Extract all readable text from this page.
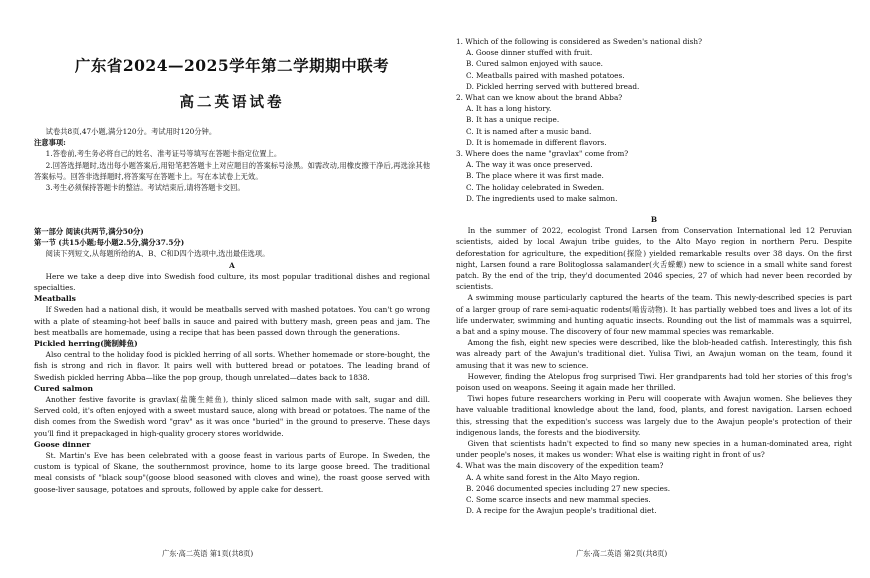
广东省2024—2025学年第二学期期中联考
高二英语试卷

试卷共8页,47小题,满分120分。考试用时120分钟。

注意事项:

1.答卷前,考生务必将自己的姓名、准考证号等填写在答题卡指定位置上。

2.回答选择题时,选出每小题答案后,用铅笔把答题卡上对应题目的答案标号涂黑。如需改动,用橡皮擦干净后,再选涂其他答案标号。回答非选择题时,将答案写在答题卡上。写在本试卷上无效。

3.考生必须保持答题卡的整洁。考试结束后,请将答题卡交回。

第一部分 阅读(共两节,满分50分)

第一节 (共15小题;每小题2.5分,满分37.5分)

阅读下列短文,从每题所给的A、B、C和D四个选项中,选出最佳选项。

A

Here we take a deep dive into Swedish food culture, its most popular traditional dishes and regional specialties.

Meatballs

If Sweden had a national dish, it would be meatballs served with mashed potatoes. You can't go wrong with a plate of steaming-hot beef balls in sauce and paired with buttery mash, green peas and jam. The best meatballs are homemade, using a recipe that has been passed down through the generations.

Pickled herring(腌制鲱鱼)

Also central to the holiday food is pickled herring of all sorts. Whether homemade or store-bought, the fish is strong and rich in flavor. It pairs well with buttered bread or potatoes. The leading brand of Swedish pickled herring Abba—like the pop group, though unrelated—dates back to 1838.

Cured salmon

Another festive favorite is gravlax(盐腌生鲑鱼), thinly sliced salmon made with salt, sugar and dill. Served cold, it's often enjoyed with a sweet mustard sauce, along with bread or potatoes. The name of the dish comes from the Swedish word "grav" as it was once "buried" in the ground to preserve. These days you'll find it prepackaged in high-quality grocery stores worldwide.

Goose dinner

St. Martin's Eve has been celebrated with a goose feast in various parts of Europe. In Sweden, the custom is typical of Skane, the southernmost province, home to its large goose breed. The traditional meal consists of "black soup"(goose blood seasoned with cloves and wine), the roast goose served with goose-liver sausage, potatoes and sprouts, followed by apple cake for dessert.

广东·高二英语 第1页(共8页)

1. Which of the following is considered as Sweden's national dish?

A. Goose dinner stuffed with fruit.

B. Cured salmon enjoyed with sauce.

C. Meatballs paired with mashed potatoes.

D. Pickled herring served with buttered bread.

2. What can we know about the brand Abba?

A. It has a long history.

B. It has a unique recipe.

C. It is named after a music band.

D. It is homemade in different flavors.

3. Where does the name "gravlax" come from?

A. The way it was once preserved.

B. The place where it was first made.

C. The holiday celebrated in Sweden.

D. The ingredients used to make salmon.

B

In the summer of 2022, ecologist Trond Larsen from Conservation International led 12 Peruvian scientists, aided by local Awajun tribe guides, to the Alto Mayo region in northern Peru. Despite deforestation for agriculture, the expedition(探险) yielded remarkable results over 38 days. On the first night, Larsen found a rare Bolitoglossa salamander(火舌蝾螈) new to science in a small white sand forest patch. By the end of the trip, they'd documented 2046 species, 27 of which had never been recorded by scientists.

A swimming mouse particularly captured the hearts of the team. This newly-described species is part of a larger group of rare semi-aquatic rodents(啮齿动物). It has partially webbed toes and lives a lot of its life underwater, swimming and hunting aquatic insects. Rounding out the list of mammals was a squirrel, a bat and a spiny mouse. The discovery of four new mammal species was remarkable.

Among the fish, eight new species were described, like the blob-headed catfish. Interestingly, this fish was already part of the Awajun's traditional diet. Yulisa Tiwi, an Awajun woman on the team, found it amusing that it was new to science.

However, finding the Atelopus frog surprised Tiwi. Her grandparents had told her stories of this frog's poison used on weapons. Seeing it again made her thrilled.

Tiwi hopes future researchers working in Peru will cooperate with Awajun women. She believes they have valuable traditional knowledge about the land, food, plants, and forest navigation. Larsen echoed this, stressing that the expedition's success was largely due to the Awajun people's protection of their indigenous lands, the forests and the biodiversity.

Given that scientists hadn't expected to find so many new species in a human-dominated area, right under people's noses, it makes us wonder: What else is waiting right in front of us?

4. What was the main discovery of the expedition team?

A. A white sand forest in the Alto Mayo region.

B. 2046 documented species including 27 new species.

C. Some scarce insects and new mammal species.

D. A recipe for the Awajun people's traditional diet.

广东·高二英语 第2页(共8页)
